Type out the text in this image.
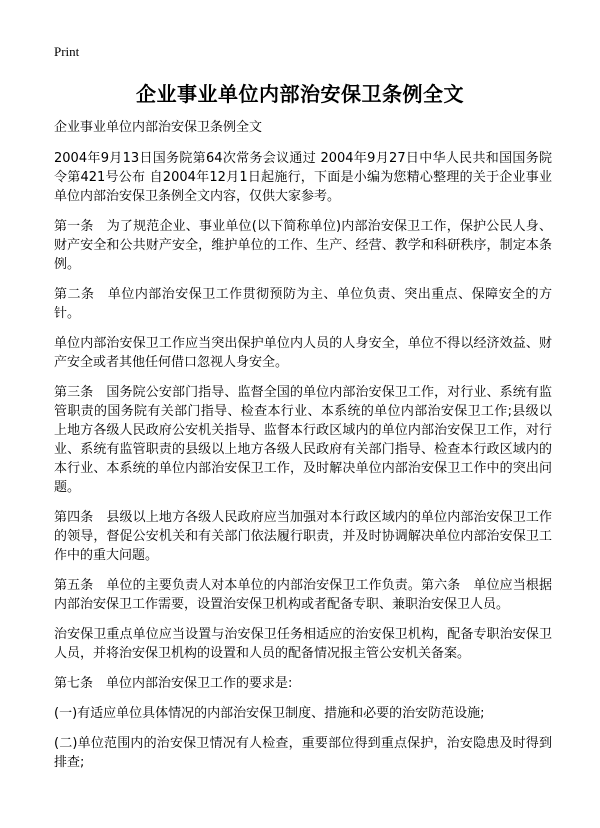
Print
企业事业单位内部治安保卫条例全文

企业事业单位内部治安保卫条例全文

2004年9月13日国务院第64次常务会议通过 2004年9月27日中华人民共和国国务院令第421号公布 自2004年12月1日起施行，下面是小编为您精心整理的关于企业事业单位内部治安保卫条例全文内容，仅供大家参考。

第一条　为了规范企业、事业单位(以下简称单位)内部治安保卫工作，保护公民人身、财产安全和公共财产安全，维护单位的工作、生产、经营、教学和科研秩序，制定本条例。

第二条　单位内部治安保卫工作贯彻预防为主、单位负责、突出重点、保障安全的方针。

单位内部治安保卫工作应当突出保护单位内人员的人身安全，单位不得以经济效益、财产安全或者其他任何借口忽视人身安全。

第三条　国务院公安部门指导、监督全国的单位内部治安保卫工作，对行业、系统有监管职责的国务院有关部门指导、检查本行业、本系统的单位内部治安保卫工作;县级以上地方各级人民政府公安机关指导、监督本行政区域内的单位内部治安保卫工作，对行业、系统有监管职责的县级以上地方各级人民政府有关部门指导、检查本行政区域内的本行业、本系统的单位内部治安保卫工作，及时解决单位内部治安保卫工作中的突出问题。

第四条　县级以上地方各级人民政府应当加强对本行政区域内的单位内部治安保卫工作的领导，督促公安机关和有关部门依法履行职责，并及时协调解决单位内部治安保卫工作中的重大问题。

第五条　单位的主要负责人对本单位的内部治安保卫工作负责。第六条　单位应当根据内部治安保卫工作需要，设置治安保卫机构或者配备专职、兼职治安保卫人员。

治安保卫重点单位应当设置与治安保卫任务相适应的治安保卫机构，配备专职治安保卫人员，并将治安保卫机构的设置和人员的配备情况报主管公安机关备案。

第七条　单位内部治安保卫工作的要求是:

(一)有适应单位具体情况的内部治安保卫制度、措施和必要的治安防范设施;

(二)单位范围内的治安保卫情况有人检查，重要部位得到重点保护，治安隐患及时得到排查;
